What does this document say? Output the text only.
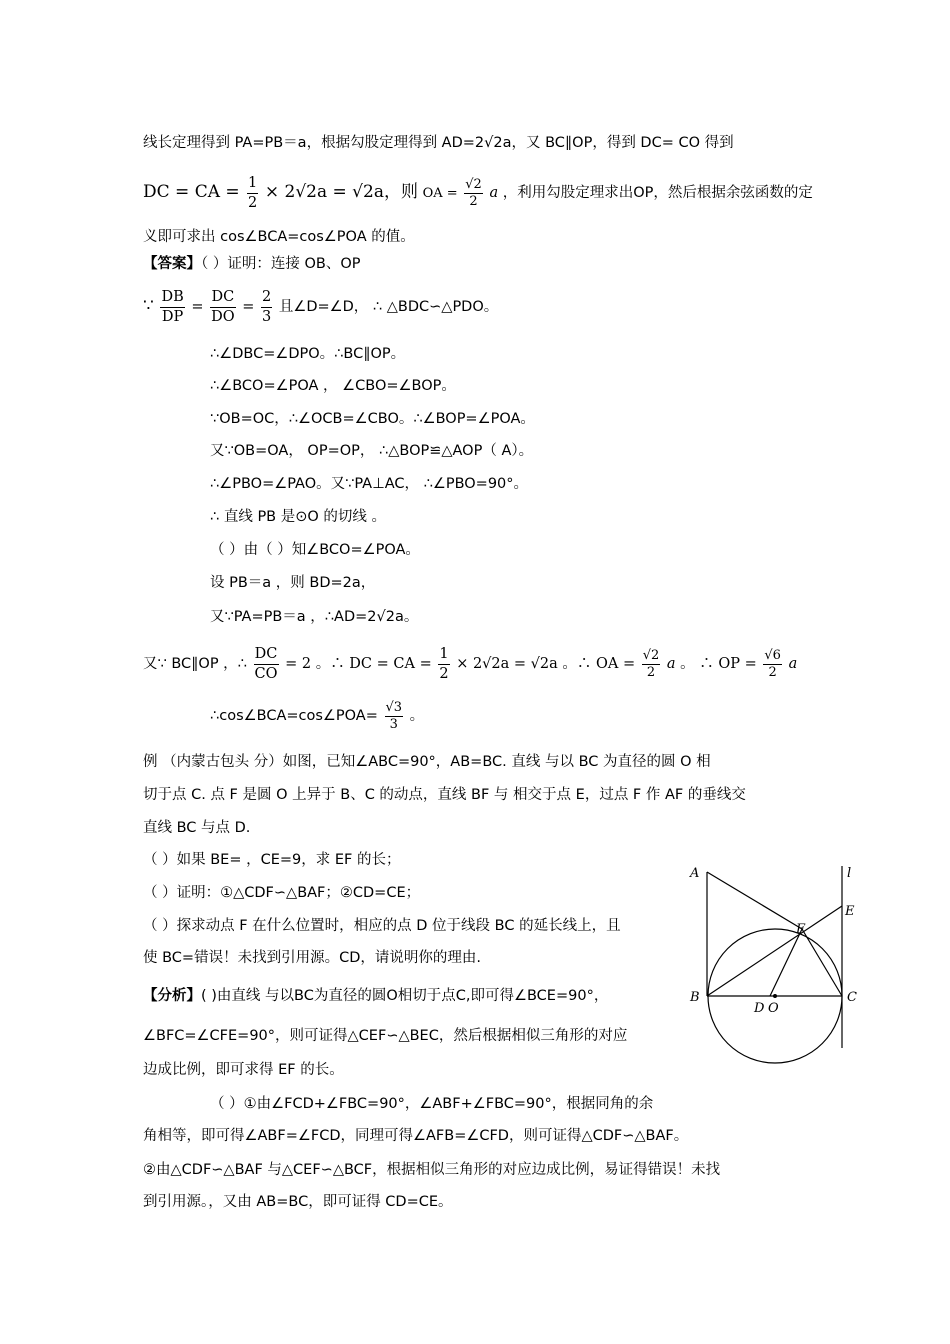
线长定理得到 PA=PB＝a，根据勾股定理得到 AD=2√2a，又 BC∥OP，得到 DC= CO 得到
DC = CA = $\frac{1}{2} \times 2√2a = √2a$，则 OA = $\frac{√2}{2}$ a ，利用勾股定理求出OP，然后根据余弦函数的定
义即可求出 cos∠BCA=cos∠POA 的值。
【答案】（ ）证明：连接 OB、OP
∵ $\frac{DB}{DP} = \frac{DC}{DO} = \frac{2}{3}$ 且∠D=∠D， ∴ △BDC∽△PDO。
∴∠DBC=∠DPO。∴BC∥OP。
∴∠BCO=∠POA ， ∠CBO=∠BOP。
∵OB=OC，∴∠OCB=∠CBO。∴∠BOP=∠POA。
又∵OB=OA， OP=OP， ∴△BOP≌△AOP（ A）。
∴∠PBO=∠PAO。又∵PA⊥AC， ∴∠PBO=90°。
∴ 直线 PB 是⊙O 的切线 。
（ ）由（ ）知∠BCO=∠POA。
设 PB＝a ，则 BD=2a，
又∵PA=PB＝a ，∴AD=2√2a。
又∵ BC∥OP ，∴ $\frac{DC}{CO} = 2$ 。∴ DC = CA = $\frac{1}{2} \times 2√2a = √2a$ 。∴ OA = $\frac{√2}{2}$ a 。 ∴ OP = $\frac{√6}{2}$ a
∴cos∠BCA=cos∠POA= $\frac{√3}{3}$ 。
例 （内蒙古包头 分）如图，已知∠ABC=90°，AB=BC. 直线 与以 BC 为直径的圆 O 相
切于点 C. 点 F 是圆 O 上异于 B、C 的动点，直线 BF 与 相交于点 E，过点 F 作 AF 的垂线交
直线 BC 与点 D.
（ ）如果 BE= ，CE=9，求 EF 的长；
（ ）证明：①△CDF∽△BAF；②CD=CE；
（ ）探求动点 F 在什么位置时，相应的点 D 位于线段 BC 的延长线上，且
使 BC=错误！未找到引用源。CD，请说明你的理由.
【分析】( )由直线 与以BC为直径的圆O相切于点C,即可得∠BCE=90°，
∠BFC=∠CFE=90°，则可证得△CEF∽△BEC，然后根据相似三角形的对应
边成比例，即可求得 EF 的长。
（ ）①由∠FCD+∠FBC=90°，∠ABF+∠FBC=90°，根据同角的余
角相等，即可得∠ABF=∠FCD，同理可得∠AFB=∠CFD，则可证得△CDF∽△BAF。
②由△CDF∽△BAF 与△CEF∽△BCF，根据相似三角形的对应边成比例，易证得错误！未找
到引用源。，又由 AB=BC，即可证得 CD=CE。
A
B	C
D O
E
F
l
